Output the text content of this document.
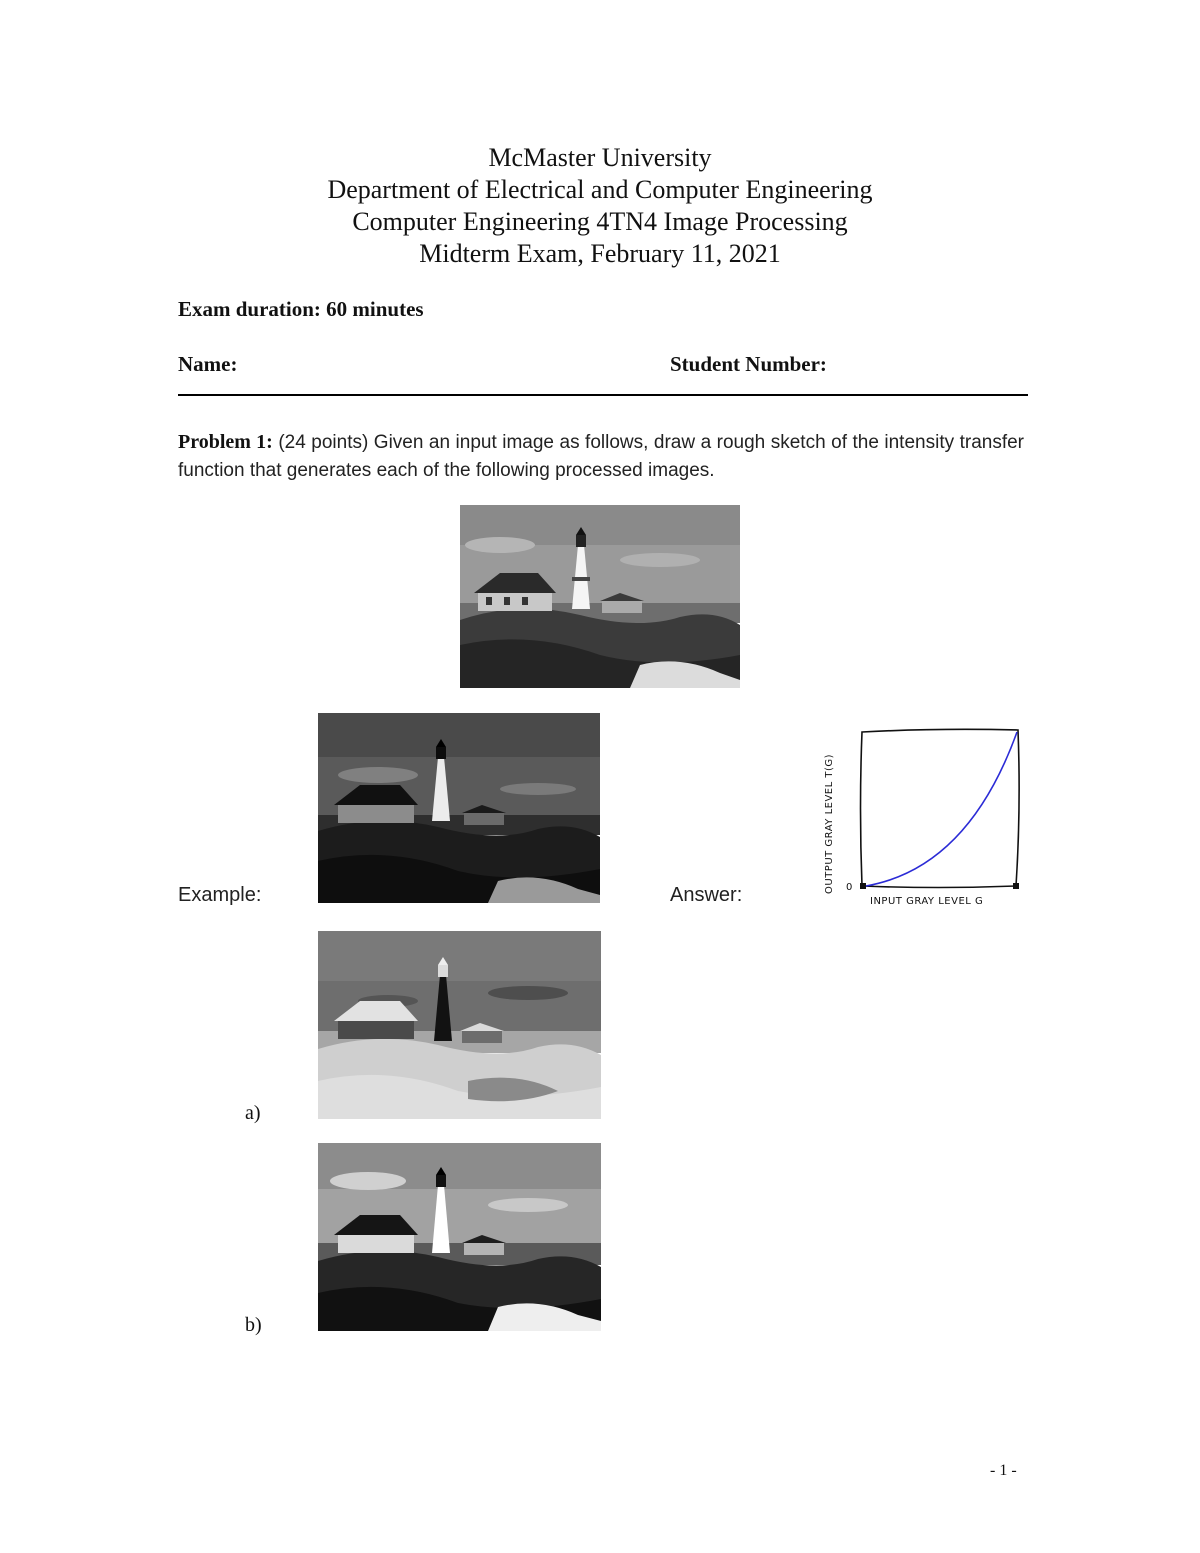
McMaster University
Department of Electrical and Computer Engineering
Computer Engineering 4TN4 Image Processing
Midterm Exam, February 11, 2021
Exam duration: 60 minutes
Name:	Student Number:
Problem 1: (24 points) Given an input image as follows, draw a rough sketch of the intensity transfer function that generates each of the following processed images.
Example:	Answer:
a)
b)
OUTPUT GRAY LEVEL T(G) 0
INPUT GRAY LEVEL G
- 1 -
